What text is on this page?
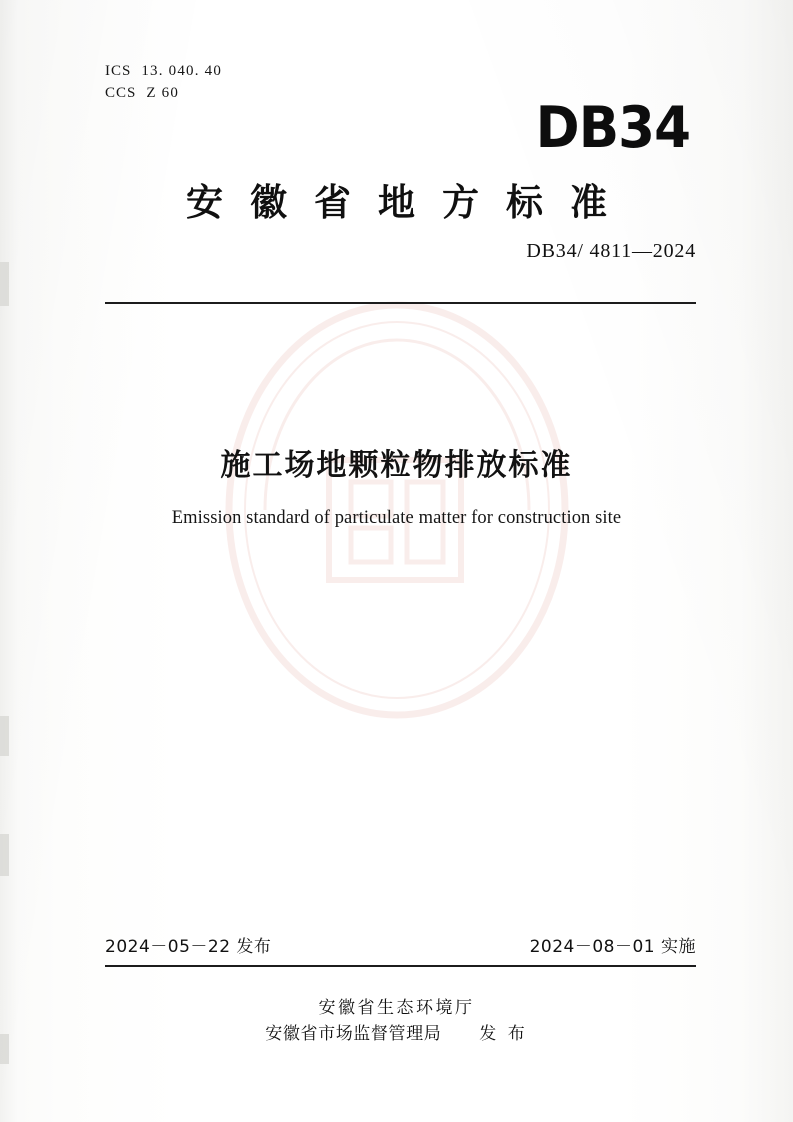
ICS 13. 040. 40
CCS Z 60
DB34
安徽省地方标准
DB34/ 4811—2024
施工场地颗粒物排放标准
Emission standard of particulate matter for construction site
2024－05－22 发布	2024－08－01 实施
安徽省生态环境厅
安徽省市场监督管理局 发 布
